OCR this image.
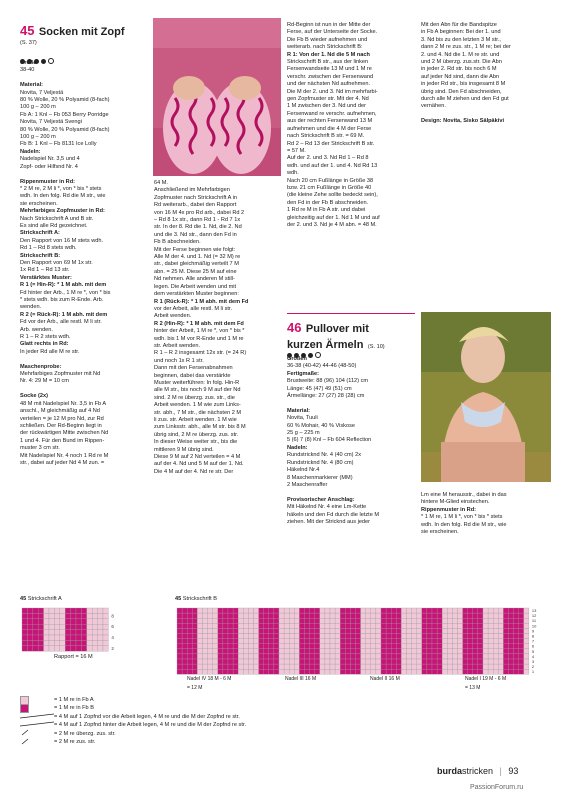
45 Socken mit Zopf
(S. 37)

Größe

38-40

Material:

Novita, 7 Veljestä

80 % Wolle, 20 % Polyamid (8-fach)

100 g – 200 m

Fb A: 1 Knl – Fb 053 Berry Porridge

Novita, 7 Veljestä Svengi

80 % Wolle, 20 % Polyamid (8-fach)

100 g – 200 m

Fb B: 1 Knl – Fb 8131 Ice Lolly

Nadeln:

Nadelspiel Nr. 3,5 und 4

Zopf- oder Hilfsnd Nr. 4

Rippenmuster in Rd:

* 2 M re, 2 M li *, von * bis * stets

wdh. In den folg. Rd die M str., wie

sie erscheinen.

Mehrfarbiges Zopfmuster in Rd:

Nach Strickschrift A und B str.

Es sind alle Rd gezeichnet.

Strickschrift A:

Den Rapport von 16 M stets wdh.

Rd 1 – Rd 8 stets wdh.

Strickschrift B:

Den Rapport von 69 M 1x str.

1x Rd 1 – Rd 13 str.

Verstärktes Muster:

R 1 (= Hin-R): * 1 M abh. mit dem

Fd hinter der Arb., 1 M re *, von * bis

* stets wdh. bis zum R-Ende. Arb.

wenden.

R 2 (= Rück-R): 1 M abh. mit dem

Fd vor der Arb., alle restl. M li str.

Arb. wenden.

R 1 – R 2 stets wdh.

Glatt rechts in Rd:

In jeder Rd alle M re str.

Maschenprobe:

Mehrfarbiges Zopfmuster mit Nd

Nr. 4: 29 M = 10 cm

Socke (2x)

48 M mit Nadelspiel Nr. 3,5 in Fb A

anschl., M gleichmäßig auf 4 Nd

verteilen = je 12 M pro Nd, zur Rd

schließen. Der Rd-Beginn liegt in

der rückwärtigen Mitte zwischen Nd

1 und 4. Für den Bund im Rippen-

muster 3 cm str.

Mit Nadelspiel Nr. 4 noch 1 Rd re M

str., dabei auf jeder Nd 4 M zun. =

64 M.

Anschließend im Mehrfarbigen

Zopfmuster nach Strickschrift A in

Rd weiterarb., dabei den Rapport

von 16 M 4x pro Rd arb., dabei Rd 2

– Rd 8 1x str., dann Rd 1 - Rd 7 1x

str. In der 8. Rd die 1. Nd, die 2. Nd

und die 3. Nd str., dann den Fd in

Fb B abschneiden.

Mit der Ferse beginnen wie folgt:

Alle M der 4. und 1. Nd (= 32 M) re

str., dabei gleichmäßig verteilt 7 M

abn. = 25 M. Diese 25 M auf eine

Nd nehmen. Alle anderen M still-

legen. Die Arbeit wenden und mit

dem verstärkten Muster beginnen:

R 1 (Rück-R): * 1 M abh. mit dem Fd

vor der Arbeit, alle restl. M li str.

Arbeit wenden.

R 2 (Hin-R): * 1 M abh. mit dem Fd

hinter der Arbeit, 1 M re *, von * bis *

wdh. bis 1 M vor R-Ende und 1 M re

str. Arbeit wenden.

R 1 – R 2 insgesamt 12x str. (= 24 R)

und noch 1x R 1 str.

Dann mit den Fersenabnahmen

beginnen, dabei das verstärkte

Muster weiterführen: In folg. Hin-R

alle M str., bis noch 9 M auf der Nd

sind. 2 M re überzg. zus. str., die

Arbeit wenden. 1 M wie zum Links-

str. abh., 7 M str., die nächsten 2 M

li zus. str. Arbeit wenden. 1 M wie

zum Linksstr. abh., alle M str. bis 8 M

übrig sind, 2 M re überzg. zus. str.

In dieser Weise weiter str., bis die

mittleren 9 M übrig sind.

Diese 9 M auf 2 Nd verteilen = 4 M

auf der 4. Nd und 5 M auf der 1. Nd.

Die 4 M auf der 4. Nd re str. Der

Rd-Beginn ist nun in der Mitte der

Ferse, auf der Unterseite der Socke.

Die Fb B wieder aufnehmen und

weiterarb. nach Strickschrift B:

R 1: Von der 1. Nd die 5 M nach

Strickschrift B str., aus der linken

Fersenwandseite 13 M und 1 M re

verschr. zwischen der Fersenwand

und der nächsten Nd aufnehmen.

Die M der 2. und 3. Nd im mehrfarbi-

gen Zopfmuster str. Mit der 4. Nd

1 M zwischen der 3. Nd und der

Fersenwand re verschr. aufnehmen,

aus der rechten Fersenwand 13 M

aufnehmen und die 4 M der Ferse

nach Strickschrift B str. = 69 M.

Rd 2 – Rd 13 der Strickschrift B str.

= 57 M.

Auf der 2. und 3. Nd Rd 1 – Rd 8

wdh. und auf der 1. und 4. Nd Rd 13

wdh.

Nach 20 cm Fußlänge in Größe 38

bzw. 21 cm Fußlänge in Größe 40

(die kleine Zehe sollte bedeckt sein),

den Fd in der Fb B abschneiden.

1 Rd re M in Fb A str. und dabei

gleichzeitig auf der 1. Nd 1 M und auf

der 2. und 3. Nd je 4 M abn. = 48 M.

Mit den Abn für die Bandspitze

in Fb A beginnen: Bei der 1. und

3. Nd bis zu den letzten 3 M str.,

dann 2 M re zus. str., 1 M re; bei der

2. und 4. Nd die 1. M re str. und

und 2 M überzg. zus.str. Die Abn

in jeder 2. Rd str. bis noch 6 M

auf jeder Nd sind, dann die Abn

in jeder Rd str., bis insgesamt 8 M

übrig sind. Den Fd abschneiden,

durch alle M ziehen und den Fd gut

vernähen.

Design: Novita, Sisko Sälpäkivi

46 Pullover mit
kurzen Ärmeln (S. 10)

Größen

36-38 (40-42) 44-46 (48-50)

Fertigmaße:

Brustweite: 88 (96) 104 (112) cm

Länge: 45 (47) 49 (51) cm

Ärmellänge: 27 (27) 28 (28) cm

Material:

Novita, Tuuli

60 % Mohair, 40 % Viskose

25 g – 225 m

5 (6) 7 (8) Knl – Fb 604 Reflection

Nadeln:

Rundstricknd Nr. 4 (40 cm) 2x

Rundstricknd Nr. 4 (80 cm)

Häkelnd Nr.4

8 Maschenmarkierer (MM)

2 Maschenraffer

Provisorischer Anschlag:

Mit Häkelnd Nr. 4 eine Lm-Kette

häkeln und den Fd durch die letzte M

ziehen. Mit der Stricknd aus jeder

Lm eine M herausstr., dabei in das

hintere M-Glied einstechen.

Rippenmuster in Rd:

* 1 M re, 1 M li *, von * bis * stets

wdh. In den folg. Rd die M str., wie

sie erscheinen.

45 Strickschrift A
8
6
4
2
Rapport = 16 M
45 Strickschrift B
13
12
11
10
9
8
7
6
5
4
3
2
1
Nadel IV 18 M - 6 M
= 12 M
Nadel III 16 M	Nadel II 16 M	Nadel I 19 M - 6 M
= 13 M
= 1 M re in Fb A
= 1 M re in Fb B
= 4 M auf 1 Zopfnd vor die Arbeit legen, 4 M re und die M der Zopfnd re str.
= 4 M auf 1 Zopfnd hinter die Arbeit legen, 4 M re und die M der Zopfnd re str.
= 2 M re überzg. zus. str.
= 2 M re zus. str.
burdastricken | 93
PassionForum.ru
